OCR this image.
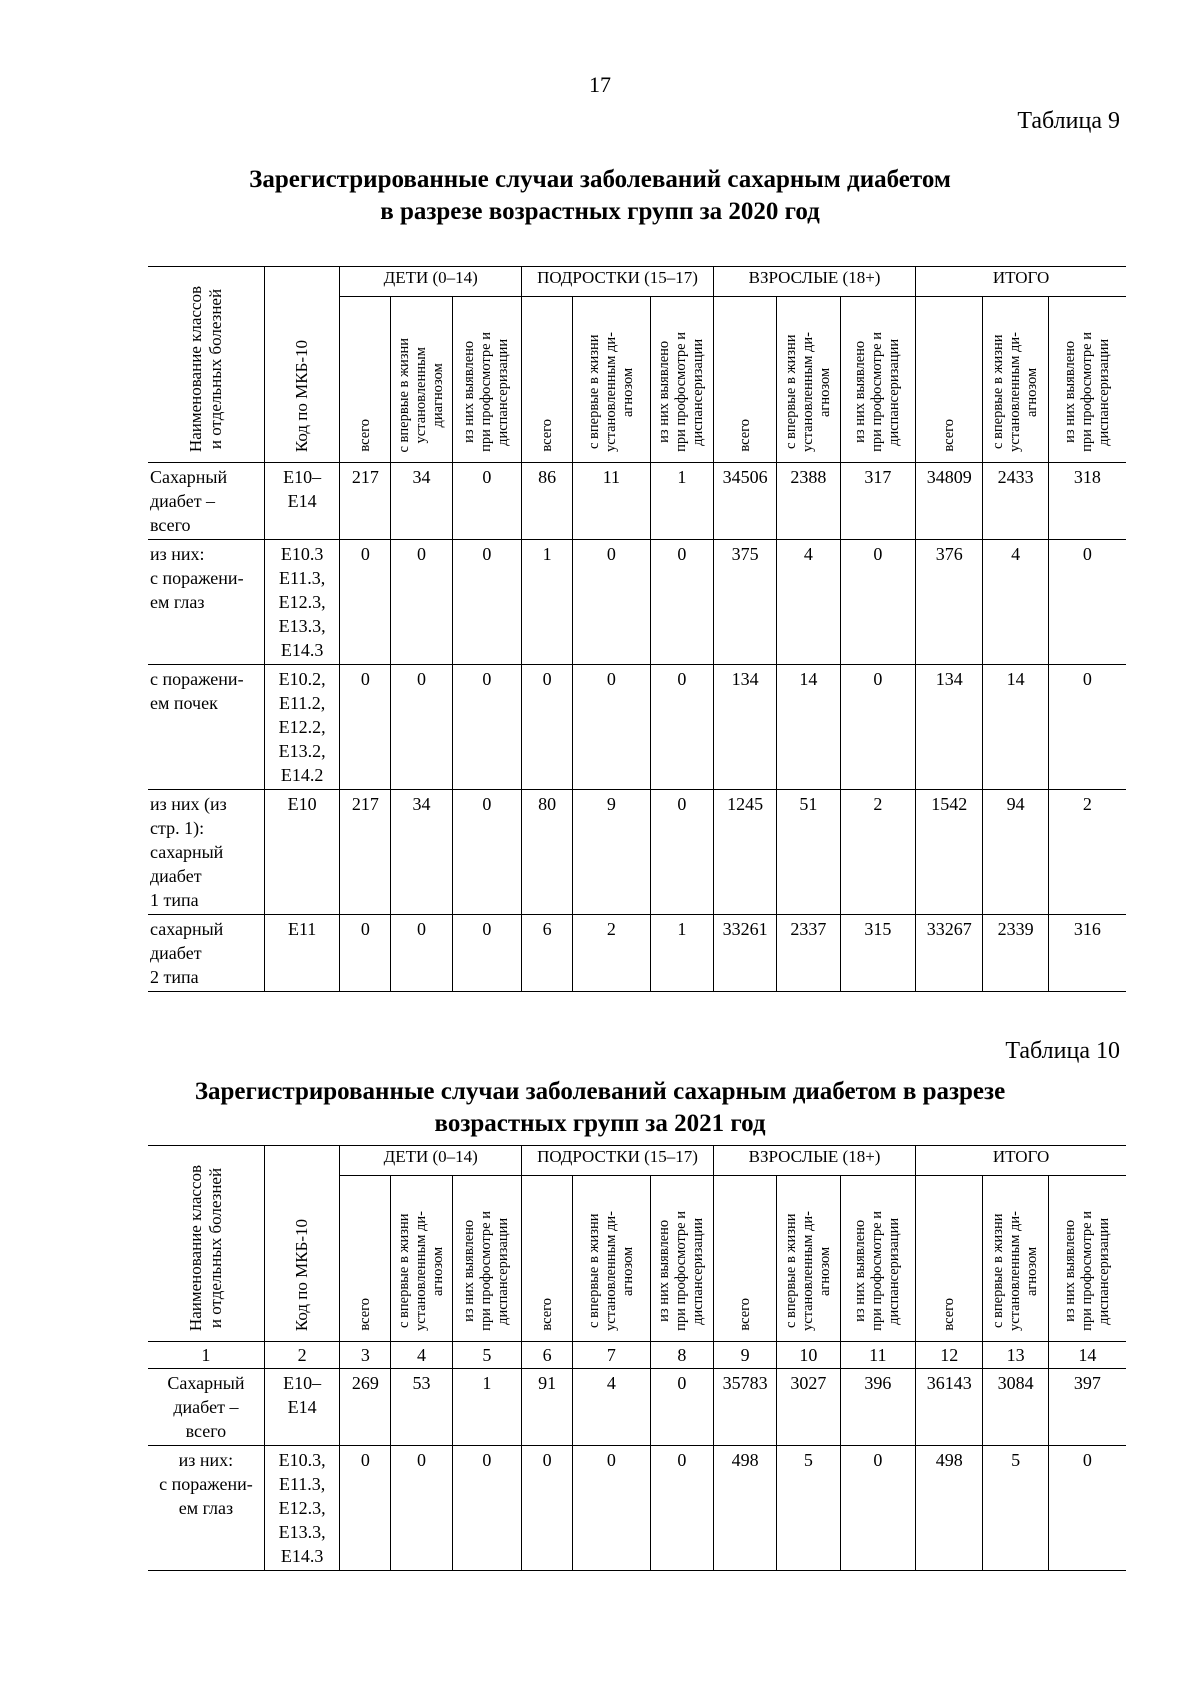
17
Таблица 9
Зарегистрированные случаи заболеваний сахарным диабетом
в разрезе возрастных групп за 2020 год
Наименование классов
и отдельных болезней	Код по МКБ-10	ДЕТИ (0–14)			ПОДРОСТКИ (15–17)			ВЗРОСЛЫЕ (18+)			ИТОГО		
		всего	с впервые в жизни
установленным
диагнозом	из них выявлено
при профосмотре и
диспансеризации	всего	с впервые в жизни
установленным ди-
агнозом	из них выявлено
при профосмотре и
диспансеризации	всего	с впервые в жизни
установленным ди-
агнозом	из них выявлено
при профосмотре и
диспансеризации	всего	с впервые в жизни
установленным ди-
агнозом	из них выявлено
при профосмотре и
диспансеризации
Сахарный
диабет –
всего	Е10–
Е14	217	34	0	86	11	1	34506	2388	317	34809	2433	318
из них:
с поражени-
ем глаз	Е10.3
Е11.3,
Е12.3,
Е13.3,
Е14.3	0	0	0	1	0	0	375	4	0	376	4	0
с поражени-
ем почек	Е10.2,
Е11.2,
Е12.2,
Е13.2,
Е14.2	0	0	0	0	0	0	134	14	0	134	14	0
из них (из
стр. 1):
сахарный
диабет
1 типа	Е10	217	34	0	80	9	0	1245	51	2	1542	94	2
сахарный
диабет
2 типа	Е11	0	0	0	6	2	1	33261	2337	315	33267	2339	316
Таблица 10
Зарегистрированные случаи заболеваний сахарным диабетом в разрезе
возрастных групп за 2021 год
Наименование классов
и отдельных болезней	Код по МКБ-10	ДЕТИ (0–14)			ПОДРОСТКИ (15–17)			ВЗРОСЛЫЕ (18+)			ИТОГО		
		всего	с впервые в жизни
установленным ди-
агнозом	из них выявлено
при профосмотре и
диспансеризации	всего	с впервые в жизни
установленным ди-
агнозом	из них выявлено
при профосмотре и
диспансеризации	всего	с впервые в жизни
установленным ди-
агнозом	из них выявлено
при профосмотре и
диспансеризации	всего	с впервые в жизни
установленным ди-
агнозом	из них выявлено
при профосмотре и
диспансеризации
1	2	3	4	5	6	7	8	9	10	11	12	13	14
Сахарный
диабет –
всего	Е10–
Е14	269	53	1	91	4	0	35783	3027	396	36143	3084	397
из них:
с поражени-
ем глаз	Е10.3,
Е11.3,
Е12.3,
Е13.3,
Е14.3	0	0	0	0	0	0	498	5	0	498	5	0
